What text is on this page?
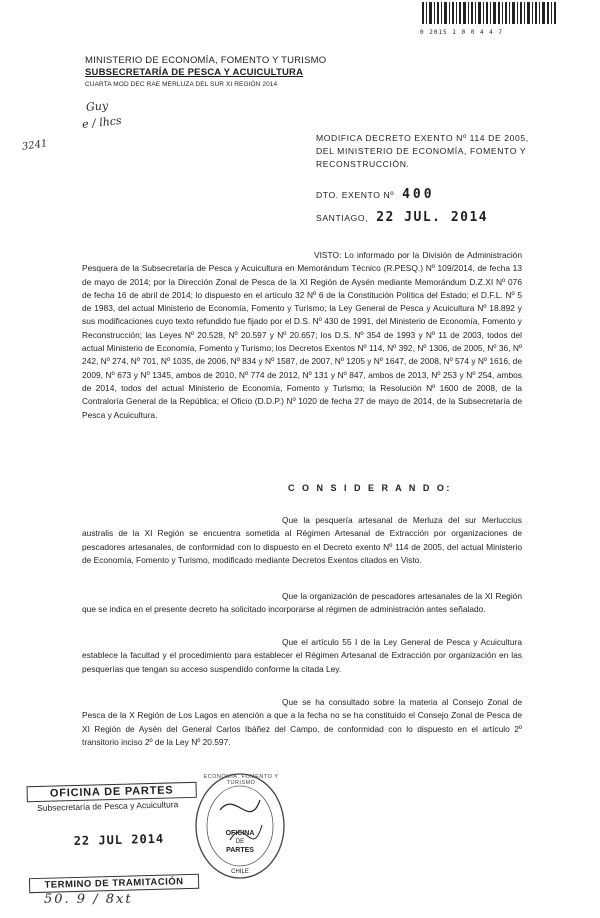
0 2015 1 0 0 4 4 7
MINISTERIO DE ECONOMÍA, FOMENTO Y TURISMO
SUBSECRETARÍA DE PESCA Y ACUICULTURA
CUARTA MOD DEC RAE MERLUZA DEL SUR XI REGIÓN 2014
Guy
e / lhcs
3241
MODIFICA DECRETO EXENTO Nº 114 DE 2005,
DEL MINISTERIO DE ECONOMÍA, FOMENTO Y
RECONSTRUCCIÓN.
DTO. EXENTO Nº 400
SANTIAGO, 22 JUL. 2014
VISTO: Lo informado por la División de Administración Pesquera de la Subsecretaría de Pesca y Acuicultura en Memorándum Técnico (R.PESQ.) Nº 109/2014, de fecha 13 de mayo de 2014; por la Dirección Zonal de Pesca de la XI Región de Aysén mediante Memorándum D.Z.XI Nº 076 de fecha 16 de abril de 2014; lo dispuesto en el artículo 32 Nº 6 de la Constitución Política del Estado; el D.F.L. Nº 5 de 1983, del actual Ministerio de Economía, Fomento y Turismo; la Ley General de Pesca y Acuicultura Nº 18.892 y sus modificaciones cuyo texto refundido fue fijado por el D.S. Nº 430 de 1991, del Ministerio de Economía, Fomento y Reconstrucción; las Leyes Nº 20.528, Nº 20.597 y Nº 20.657; los D.S. Nº 354 de 1993 y Nº 11 de 2003, todos del actual Ministerio de Economía, Fomento y Turismo; los Decretos Exentos Nº 114, Nº 392, Nº 1306, de 2005, Nº 36, Nº 242, Nº 274, Nº 701, Nº 1035, de 2006, Nº 834 y Nº 1587, de 2007, Nº 1205 y Nº 1647, de 2008, Nº 574 y Nº 1616, de 2009, Nº 673 y Nº 1345, ambos de 2010, Nº 774 de 2012, Nº 131 y Nº 847, ambos de 2013, Nº 253 y Nº 254, ambos de 2014, todos del actual Ministerio de Economía, Fomento y Turismo; la Resolución Nº 1600 de 2008, de la Contraloría General de la República; el Oficio (D.D.P.) Nº 1020 de fecha 27 de mayo de 2014, de la Subsecretaría de Pesca y Acuicultura.
C O N S I D E R A N D O:
Que la pesquería artesanal de Merluza del sur Merluccius australis de la XI Región se encuentra sometida al Régimen Artesanal de Extracción por organizaciones de pescadores artesanales, de conformidad con lo dispuesto en el Decreto exento Nº 114 de 2005, del actual Ministerio de Economía, Fomento y Turismo, modificado mediante Decretos Exentos citados en Visto.
Que la organización de pescadores artesanales de la XI Región que se indica en el presente decreto ha solicitado incorporarse al régimen de administración antes señalado.
Que el artículo 55 I de la Ley General de Pesca y Acuicultura establece la facultad y el procedimiento para establecer el Régimen Artesanal de Extracción por organización en las pesquerías que tengan su acceso suspendido conforme la citada Ley.
Que se ha consultado sobre la materia al Consejo Zonal de Pesca de la X Región de Los Lagos en atención a que a la fecha no se ha constituido el Consejo Zonal de Pesca de XI Región de Aysén del General Carlos Ibáñez del Campo, de conformidad con lo dispuesto en el artículo 2º transitorio inciso 2º de la Ley Nº 20.597.
OFICINA DE PARTES
Subsecretaría de Pesca y Acuicultura
22 JUL 2014
TERMINO DE TRAMITACIÓN
ECONOMÍA, FOMENTO Y TURISMO
OFICINA
DE
PARTES
CHILE
50. 9 / 8xt
